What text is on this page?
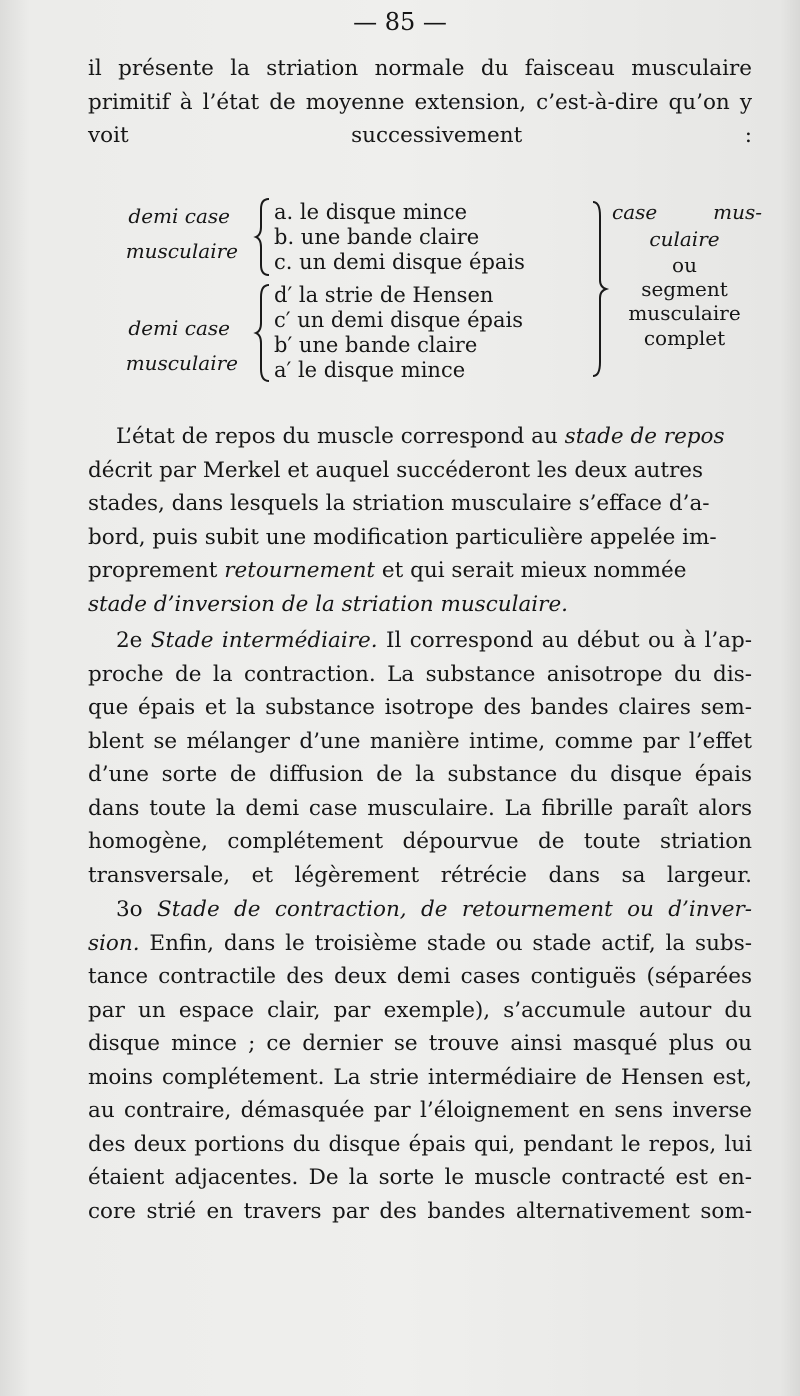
— 85 —

il présente la striation normale du faisceau musculaire
primitif à l’état de moyenne extension, c’est-à-dire qu’on y
voit successivement :

demi case
musculaire
a. le disque mince
b. une bande claire
c. un demi disque épais
demi case
musculaire
d′ la strie de Hensen
c′ un demi disque épais
b′ une bande claire
a′ le disque mince
case	mus-
culaire
ou
segment
musculaire
complet

L’état de repos du muscle correspond au stade de repos
décrit par Merkel et auquel succéderont les deux autres
stades, dans lesquels la striation musculaire s’efface d’a-
bord, puis subit une modification particulière appelée im-
proprement retournement et qui serait mieux nommée
stade d’inversion de la striation musculaire.

2e Stade intermédiaire. Il correspond au début ou à l’ap-
proche de la contraction. La substance anisotrope du dis-
que épais et la substance isotrope des bandes claires sem-
blent se mélanger d’une manière intime, comme par l’effet
d’une sorte de diffusion de la substance du disque épais
dans toute la demi case musculaire. La fibrille paraît alors
homogène, complétement dépourvue de toute striation
transversale, et légèrement rétrécie dans sa largeur.

3o Stade de contraction, de retournement ou d’inver-
sion. Enfin, dans le troisième stade ou stade actif, la subs-
tance contractile des deux demi cases contiguës (séparées
par un espace clair, par exemple), s’accumule autour du
disque mince ; ce dernier se trouve ainsi masqué plus ou
moins complétement. La strie intermédiaire de Hensen est,
au contraire, démasquée par l’éloignement en sens inverse
des deux portions du disque épais qui, pendant le repos, lui
étaient adjacentes. De la sorte le muscle contracté est en-
core strié en travers par des bandes alternativement som-
